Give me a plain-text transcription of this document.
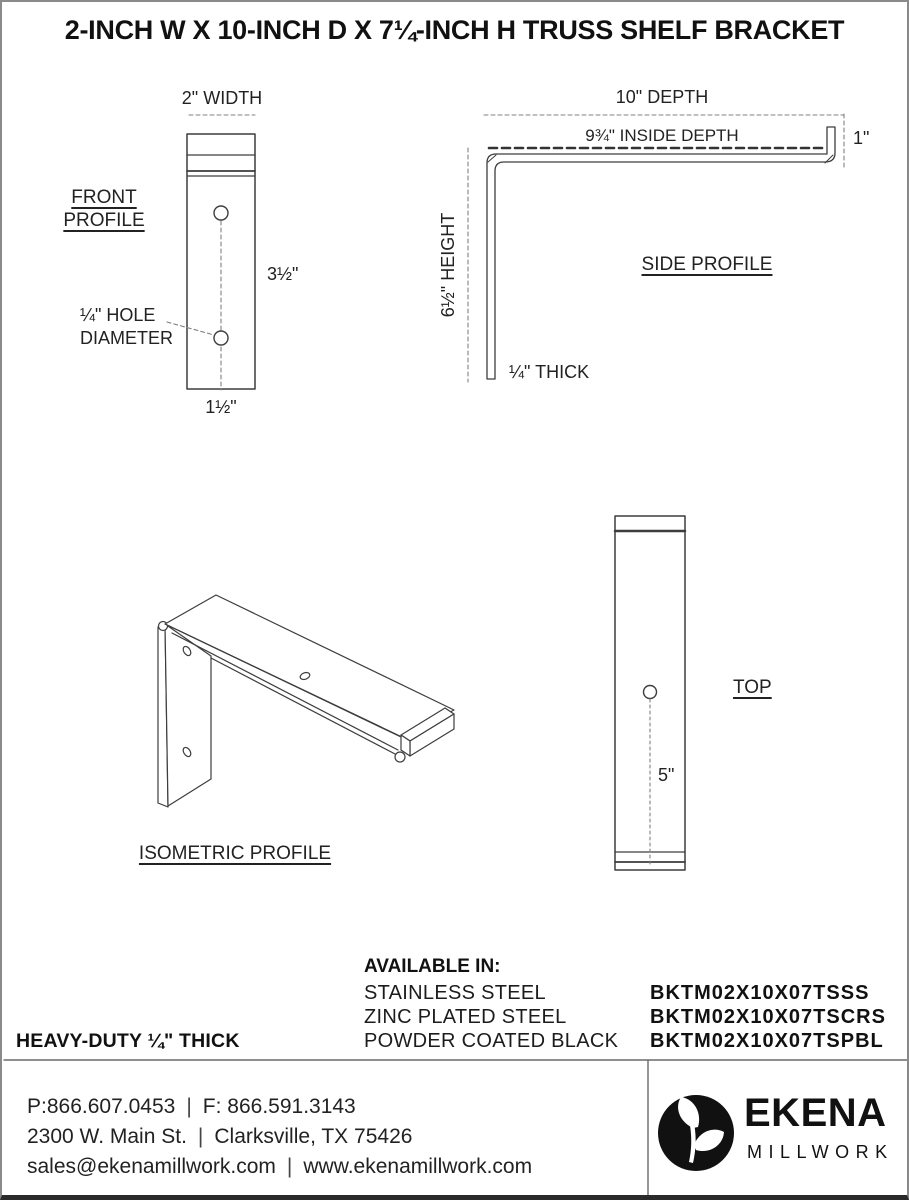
2-INCH W X 10-INCH D X 7¼-INCH H TRUSS SHELF BRACKET
2" WIDTH
FRONT PROFILE
3½"
¼" HOLE DIAMETER
1½"
10" DEPTH
9¾" INSIDE DEPTH	1"
6½" HEIGHT	SIDE PROFILE
¼" THICK
ISOMETRIC PROFILE
TOP
5"
AVAILABLE IN:
STAINLESS STEEL
ZINC PLATED STEEL
POWDER COATED BLACK
BKTM02X10X07TSSS
BKTM02X10X07TSCRS
BKTM02X10X07TSPBL
HEAVY-DUTY ¼" THICK
P:866.607.0453 | F: 866.591.3143
2300 W. Main St. | Clarksville, TX 75426
sales@ekenamillwork.com | www.ekenamillwork.com
EKENA
MILLWORK
